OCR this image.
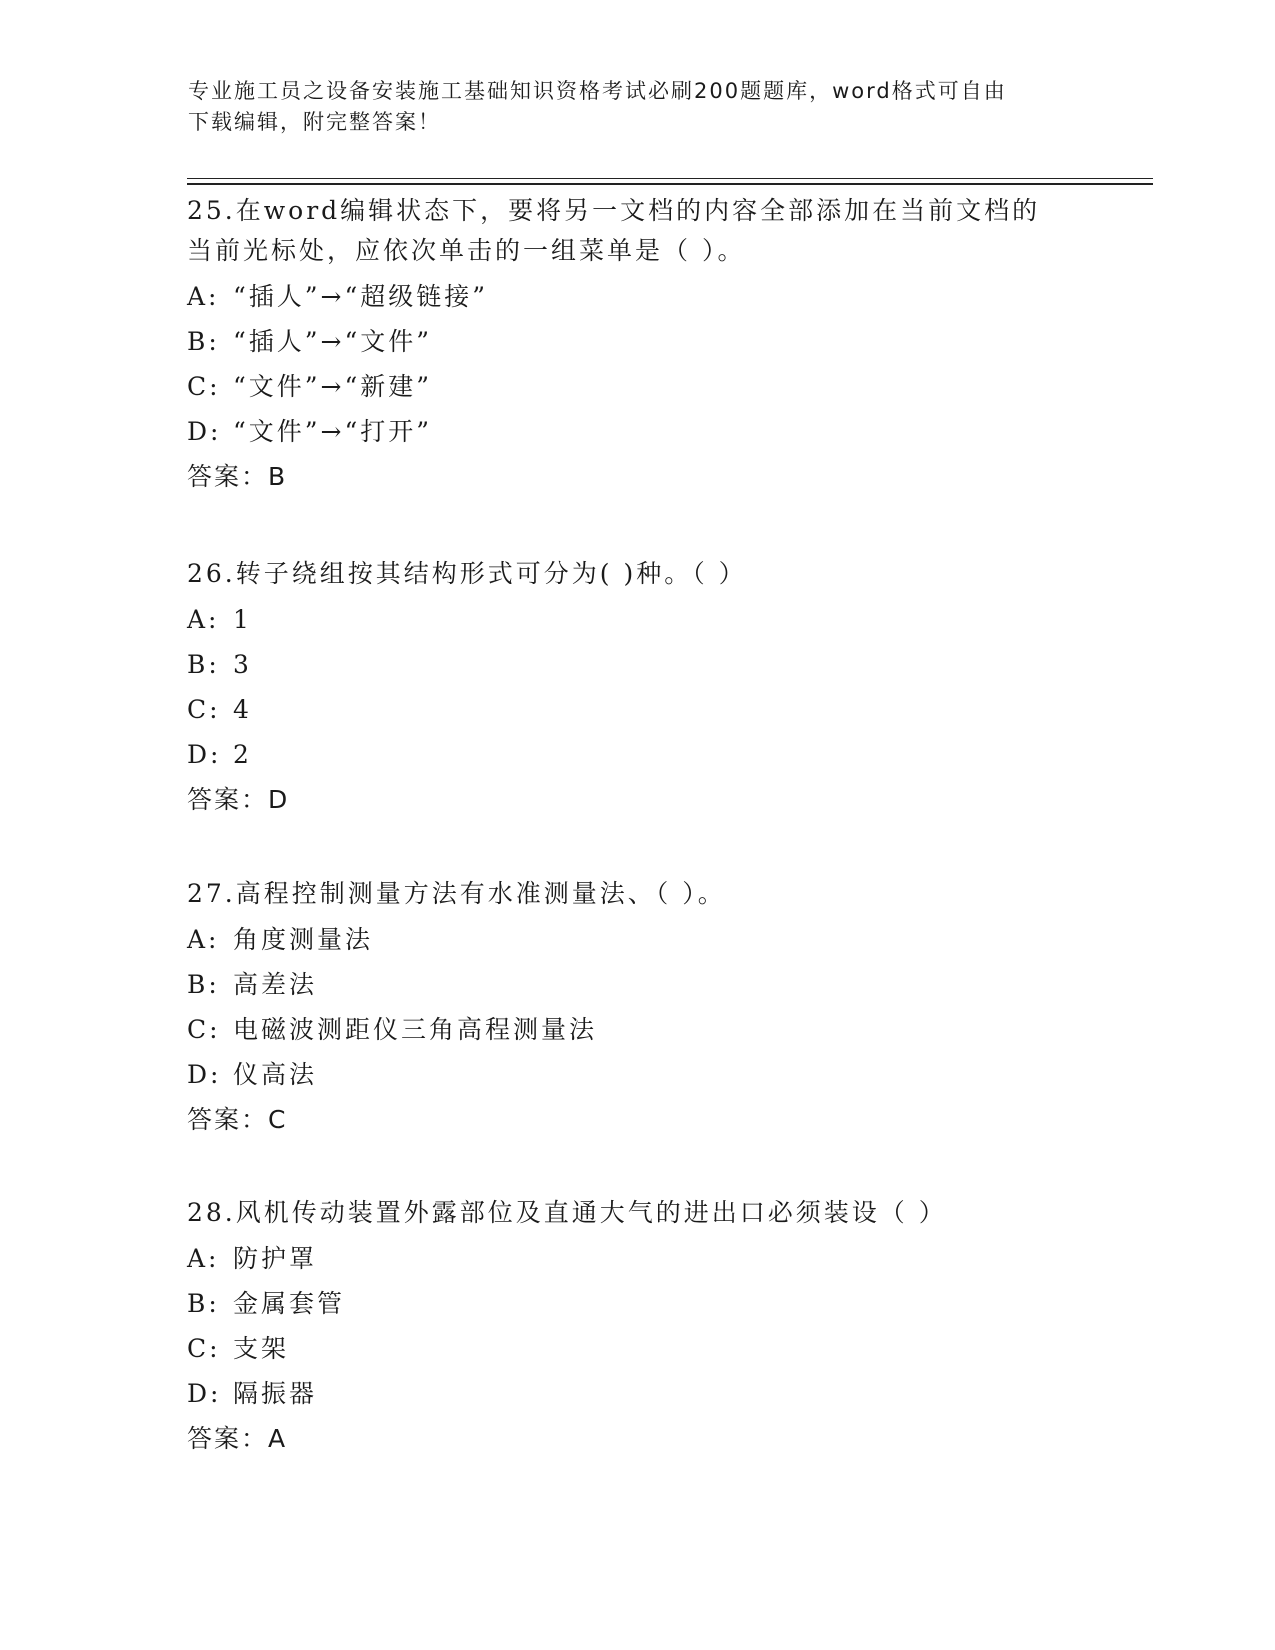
专业施工员之设备安装施工基础知识资格考试必刷200题题库，word格式可自由
下载编辑，附完整答案！
25.在word编辑状态下，要将另一文档的内容全部添加在当前文档的
当前光标处，应依次单击的一组菜单是（ ）。
A: “插人”→“超级链接”
B: “插人”→“文件”
C: “文件”→“新建”
D: “文件”→“打开”
答案：B
26.转子绕组按其结构形式可分为( )种。（ ）
A: 1
B: 3
C: 4
D: 2
答案：D
27.高程控制测量方法有水准测量法、（ ）。
A: 角度测量法
B: 高差法
C: 电磁波测距仪三角高程测量法
D: 仪高法
答案：C
28.风机传动装置外露部位及直通大气的进出口必须装设（ ）
A: 防护罩
B: 金属套管
C: 支架
D: 隔振器
答案：A
